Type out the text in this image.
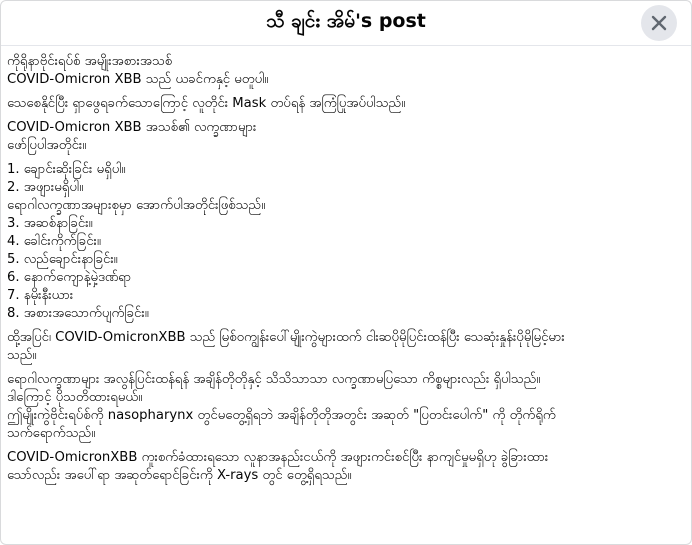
သီ ချင်း အိမ်'s post
ကိုရိုနာဗိုင်းရပ်စ် အမျိုးအစားအသစ်
COVID-Omicron XBB သည် ယခင်ကနှင့် မတူပါ။
သေစေနိုင်ပြီး ရှာဖွေရခက်သောကြောင့် လူတိုင်း Mask တပ်ရန် အကြံပြုအပ်ပါသည်။
COVID-Omicron XBB အသစ်၏ လက္ခဏာများ
ဖော်ပြပါအတိုင်း။
1. ချောင်းဆိုးခြင်း မရှိပါ။
2. အဖျားမရှိပါ။
ရောဂါလက္ခဏာအများစုမှာ အောက်ပါအတိုင်းဖြစ်သည်။
3. အဆစ်နာခြင်း။
4. ခေါင်းကိုက်ခြင်း။
5. လည်ချောင်းနာခြင်း။
6. နောက်ကျောနဲ့မှဲ့ဒဏ်ရာ
7. နမိုးနီးယား
8. အစားအသောက်ပျက်ခြင်း။
ထို့အပြင်၊ COVID-OmicronXBB သည် မြစ်ဝကျွန်းပေါ်မျိုးကွဲများထက် ငါးဆပိုမိုပြင်းထန်ပြီး သေဆုံးနှုန်းပိုမိုမြင့်မား
သည်။
ရောဂါလက္ခဏာများ အလွန်ပြင်းထန်ရန် အချိန်တိုတိုနှင့် သိသိသာသာ လက္ခဏာမပြသော ကိစ္စများလည်း ရှိပါသည်။
ဒါကြောင့် ပိုသတိထားရမယ်။
ဤမျိုးကွဲဗိုင်းရပ်စ်ကို nasopharynx တွင်မတွေ့ရှိရဘဲ အချိန်တိုတိုအတွင်း အဆုတ် "ပြတင်းပေါက်" ကို တိုက်ရိုက်
သက်ရောက်သည်။
COVID-OmicronXBB ကူးစက်ခံထားရသော လူနာအနည်းငယ်ကို အဖျားကင်းစင်ပြီး နာကျင်မှုမရှိဟု ခွဲခြားထား
သော်လည်း အပေါ်ရာ အဆုတ်ရောင်ခြင်းကို X-rays တွင် တွေ့ရှိရသည်။
